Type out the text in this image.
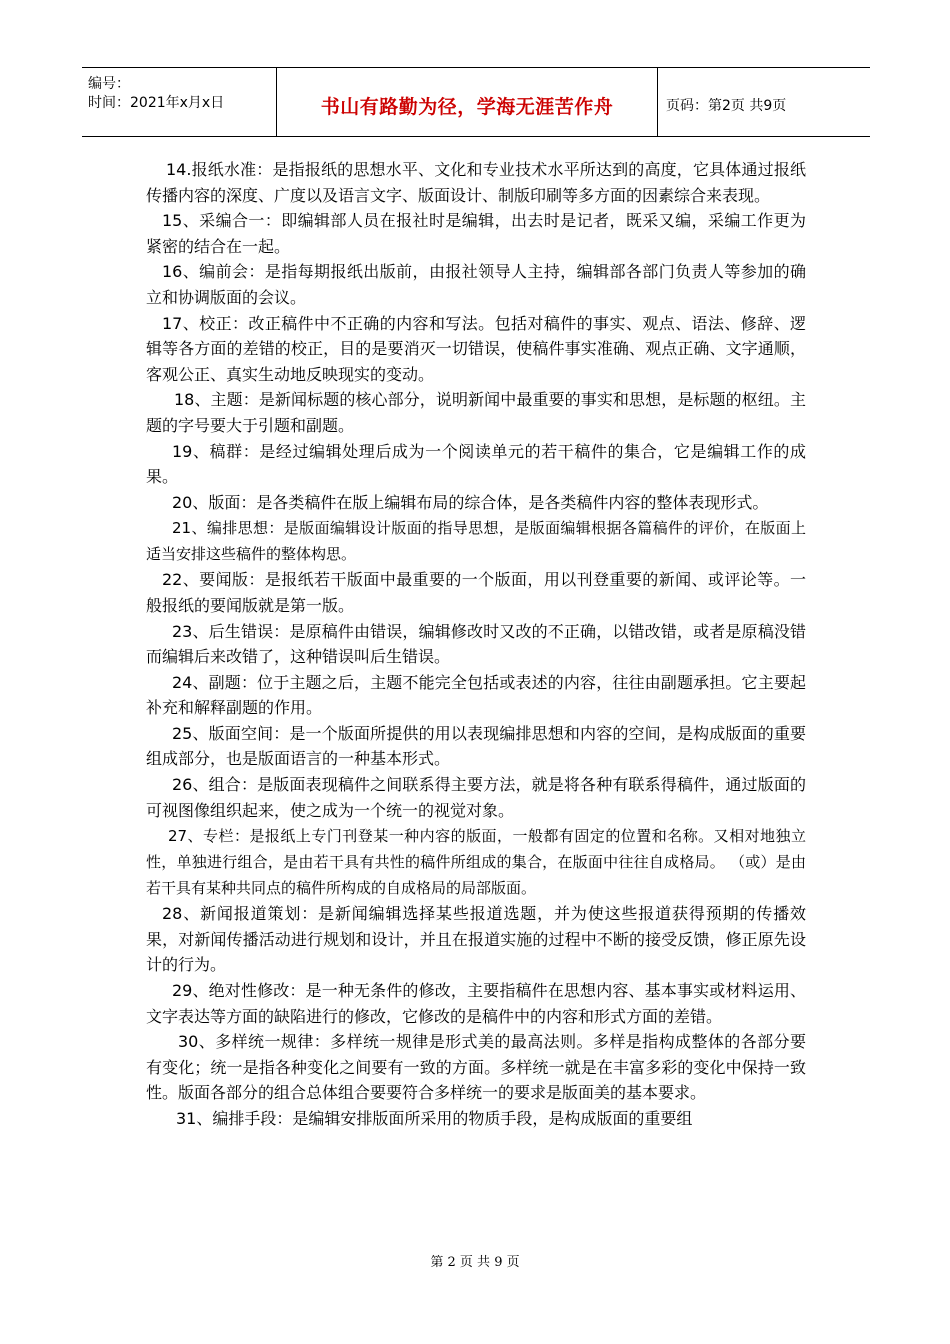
编号：
时间：2021年x月x日	书山有路勤为径，学海无涯苦作舟	页码：第2页 共9页

14.报纸水准：是指报纸的思想水平、文化和专业技术水平所达到的高度，它具体通过报纸传播内容的深度、广度以及语言文字、版面设计、制版印刷等多方面的因素综合来表现。

15、采编合一：即编辑部人员在报社时是编辑，出去时是记者，既采又编，采编工作更为紧密的结合在一起。

16、编前会：是指每期报纸出版前，由报社领导人主持，编辑部各部门负责人等参加的确立和协调版面的会议。

17、校正：改正稿件中不正确的内容和写法。包括对稿件的事实、观点、语法、修辞、逻辑等各方面的差错的校正，目的是要消灭一切错误，使稿件事实准确、观点正确、文字通顺，客观公正、真实生动地反映现实的变动。

18、主题：是新闻标题的核心部分，说明新闻中最重要的事实和思想，是标题的枢纽。主题的字号要大于引题和副题。

19、稿群：是经过编辑处理后成为一个阅读单元的若干稿件的集合，它是编辑工作的成果。

20、版面：是各类稿件在版上编辑布局的综合体，是各类稿件内容的整体表现形式。

21、编排思想：是版面编辑设计版面的指导思想，是版面编辑根据各篇稿件的评价，在版面上适当安排这些稿件的整体构思。

22、要闻版：是报纸若干版面中最重要的一个版面，用以刊登重要的新闻、或评论等。一般报纸的要闻版就是第一版。

23、后生错误：是原稿件由错误，编辑修改时又改的不正确，以错改错，或者是原稿没错而编辑后来改错了，这种错误叫后生错误。

24、副题：位于主题之后，主题不能完全包括或表述的内容，往往由副题承担。它主要起补充和解释副题的作用。

25、版面空间：是一个版面所提供的用以表现编排思想和内容的空间，是构成版面的重要组成部分，也是版面语言的一种基本形式。

26、组合：是版面表现稿件之间联系得主要方法，就是将各种有联系得稿件，通过版面的可视图像组织起来，使之成为一个统一的视觉对象。

27、专栏：是报纸上专门刊登某一种内容的版面，一般都有固定的位置和名称。又相对地独立性，单独进行组合，是由若干具有共性的稿件所组成的集合，在版面中往往自成格局。 （或）是由若干具有某种共同点的稿件所构成的自成格局的局部版面。

28、新闻报道策划：是新闻编辑选择某些报道选题，并为使这些报道获得预期的传播效果，对新闻传播活动进行规划和设计，并且在报道实施的过程中不断的接受反馈，修正原先设计的行为。

29、绝对性修改：是一种无条件的修改，主要指稿件在思想内容、基本事实或材料运用、文字表达等方面的缺陷进行的修改，它修改的是稿件中的内容和形式方面的差错。

30、多样统一规律：多样统一规律是形式美的最高法则。多样是指构成整体的各部分要有变化；统一是指各种变化之间要有一致的方面。多样统一就是在丰富多彩的变化中保持一致性。版面各部分的组合总体组合要要符合多样统一的要求是版面美的基本要求。

31、编排手段：是编辑安排版面所采用的物质手段，是构成版面的重要组

第 2 页 共 9 页
